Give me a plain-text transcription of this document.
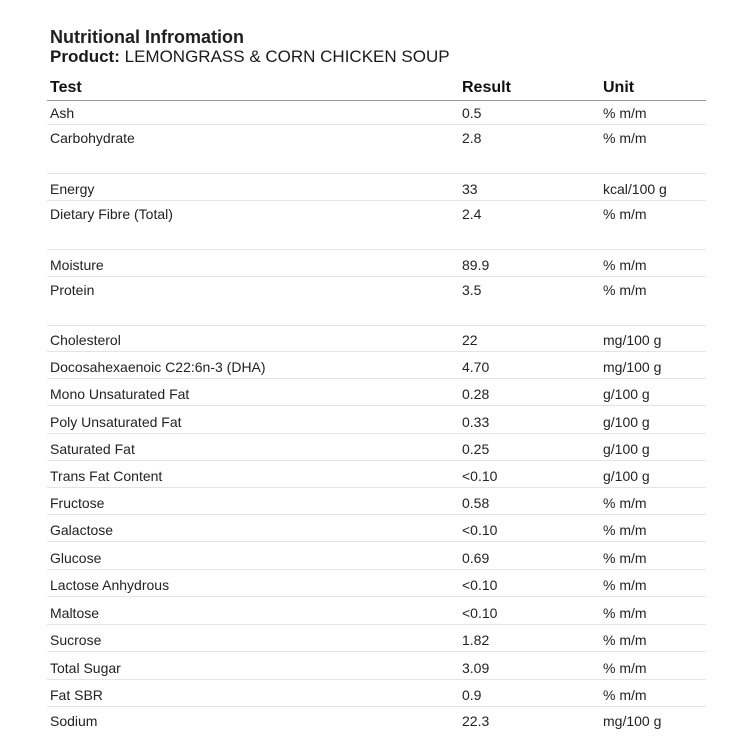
Nutritional Infromation
Product: LEMONGRASS & CORN CHICKEN SOUP
Test	Result	Unit
Ash	0.5	% m/m
Carbohydrate	2.8	% m/m
Energy	33	kcal/100 g
Dietary Fibre (Total)	2.4	% m/m
Moisture	89.9	% m/m
Protein	3.5	% m/m
Cholesterol	22	mg/100 g
Docosahexaenoic C22:6n-3 (DHA)	4.70	mg/100 g
Mono Unsaturated Fat	0.28	g/100 g
Poly Unsaturated Fat	0.33	g/100 g
Saturated Fat	0.25	g/100 g
Trans Fat Content	<0.10	g/100 g
Fructose	0.58	% m/m
Galactose	<0.10	% m/m
Glucose	0.69	% m/m
Lactose Anhydrous	<0.10	% m/m
Maltose	<0.10	% m/m
Sucrose	1.82	% m/m
Total Sugar	3.09	% m/m
Fat SBR	0.9	% m/m
Sodium	22.3	mg/100 g
